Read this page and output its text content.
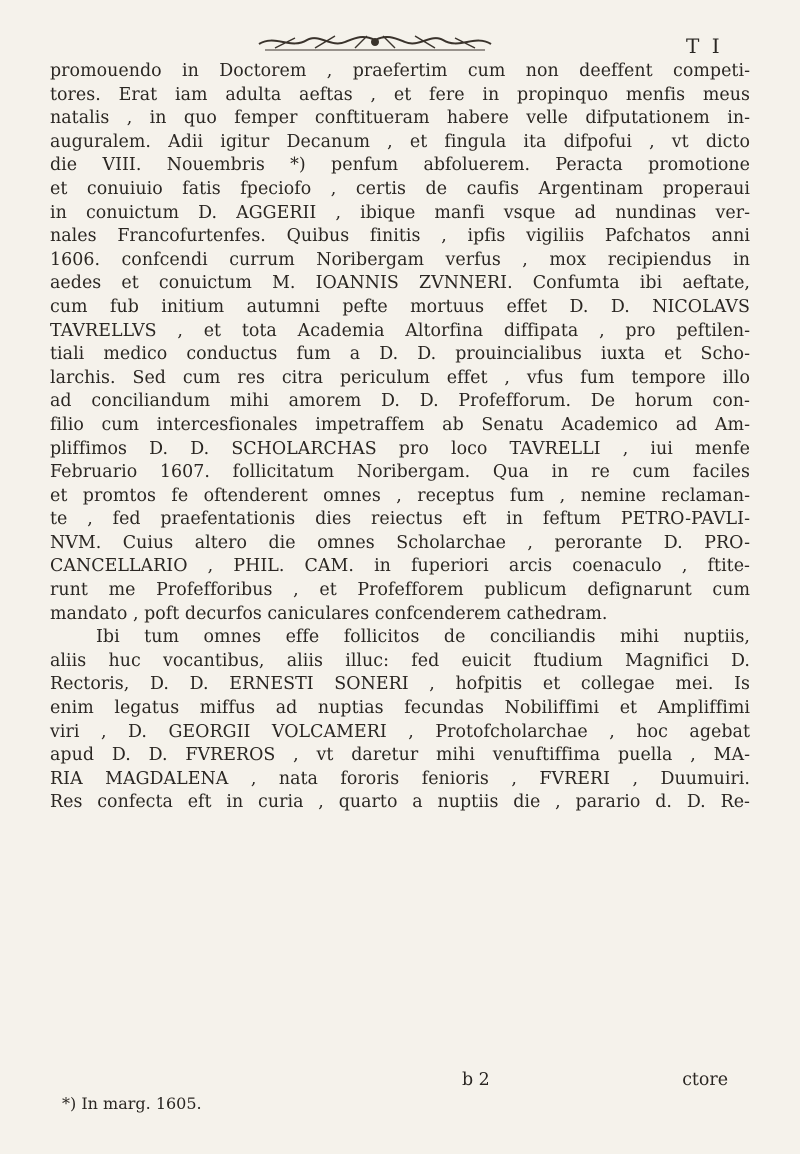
T I

promouendo in Doctorem , praefertim cum non deeffent competi-
tores. Erat iam adulta aeftas , et fere in propinquo menfis meus
natalis , in quo femper conftitueram habere velle difputationem in-
auguralem. Adii igitur Decanum , et fingula ita difpofui , vt dicto
die VIII. Nouembris *) penfum abfoluerem. Peracta promotione
et conuiuio fatis fpeciofo , certis de caufis Argentinam properaui
in conuictum D. AGGERII , ibique manfi vsque ad nundinas ver-
nales Francofurtenfes. Quibus finitis , ipfis vigiliis Pafchatos anni
1606. confcendi currum Noribergam verfus , mox recipiendus in
aedes et conuictum M. IOANNIS ZVNNERI. Confumta ibi aeftate,
cum fub initium autumni pefte mortuus effet D. D. NICOLAVS
TAVRELLVS , et tota Academia Altorfina diffipata , pro peftilen-
tiali medico conductus fum a D. D. prouincialibus iuxta et Scho-
larchis. Sed cum res citra periculum effet , vfus fum tempore illo
ad conciliandum mihi amorem D. D. Profefforum. De horum con-
filio cum intercesfionales impetraffem ab Senatu Academico ad Am-
pliffimos D. D. SCHOLARCHAS pro loco TAVRELLI , iui menfe
Februario 1607. follicitatum Noribergam. Qua in re cum faciles
et promtos fe oftenderent omnes , receptus fum , nemine reclaman-
te , fed praefentationis dies reiectus eft in feftum PETRO-PAVLI-
NVM. Cuius altero die omnes Scholarchae , perorante D. PRO-
CANCELLARIO , PHIL. CAM. in fuperiori arcis coenaculo , ftite-
runt me Profefforibus , et Profefforem publicum defignarunt cum
mandato , poft decurfos caniculares confcenderem cathedram.

Ibi tum omnes effe follicitos de conciliandis mihi nuptiis,
aliis huc vocantibus, aliis illuc: fed euicit ftudium Magnifici D.
Rectoris, D. D. ERNESTI SONERI , hofpitis et collegae mei. Is
enim legatus miffus ad nuptias fecundas Nobiliffimi et Ampliffimi
viri , D. GEORGII VOLCAMERI , Protofcholarchae , hoc agebat
apud D. D. FVREROS , vt daretur mihi venuftiffima puella , MA-
RIA MAGDALENA , nata fororis fenioris , FVRERI , Duumuiri.
Res confecta eft in curia , quarto a nuptiis die , parario d. D. Re-

b 2	ctore
*) In marg. 1605.
